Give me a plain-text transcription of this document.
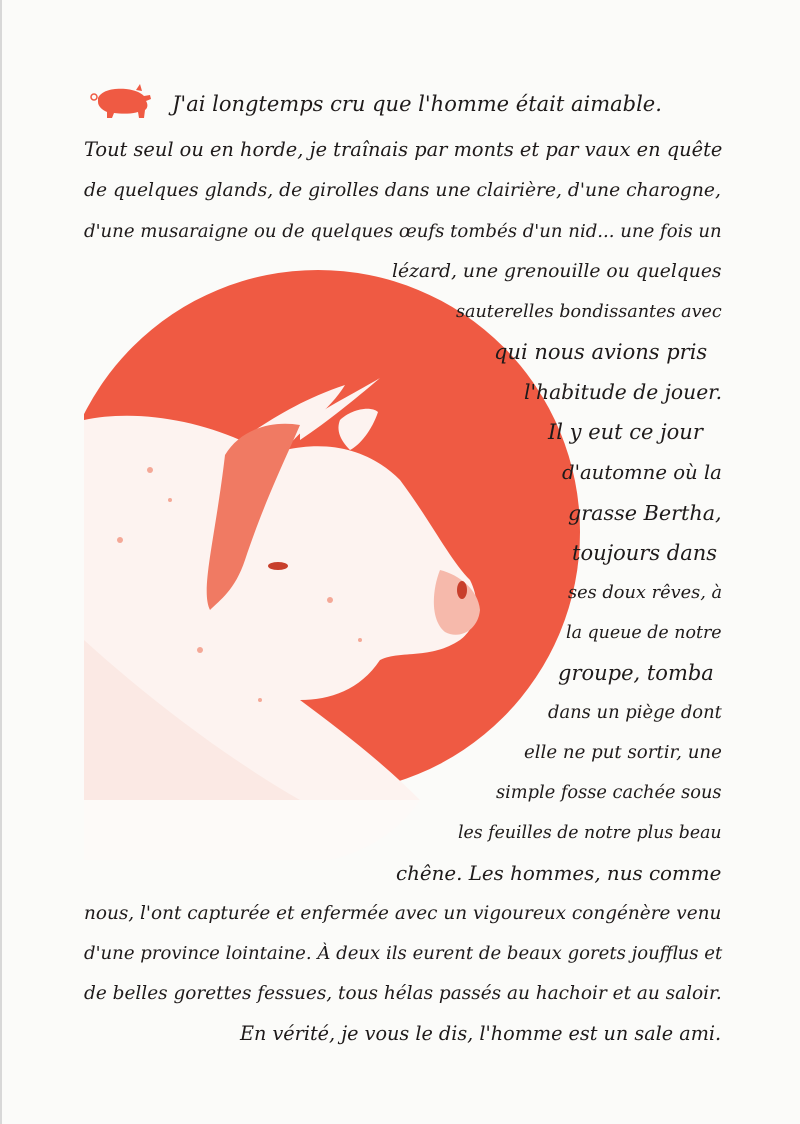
J'ai longtemps cru que l'homme était aimable.
Tout seul ou en horde, je traînais par monts et par vaux en quête
de quelques glands, de girolles dans une clairière, d'une charogne,
d'une musaraigne ou de quelques œufs tombés d'un nid... une fois un
lézard, une grenouille ou quelques
sauterelles bondissantes avec
qui nous avions pris
l'habitude de jouer.
Il y eut ce jour
d'automne où la
grasse Bertha,
toujours dans
ses doux rêves, à
la queue de notre
groupe, tomba
dans un piège dont
elle ne put sortir, une
simple fosse cachée sous
les feuilles de notre plus beau
chêne. Les hommes, nus comme
nous, l'ont capturée et enfermée avec un vigoureux congénère venu
d'une province lointaine. À deux ils eurent de beaux gorets joufflus et
de belles gorettes fessues, tous hélas passés au hachoir et au saloir.
En vérité, je vous le dis, l'homme est un sale ami.
